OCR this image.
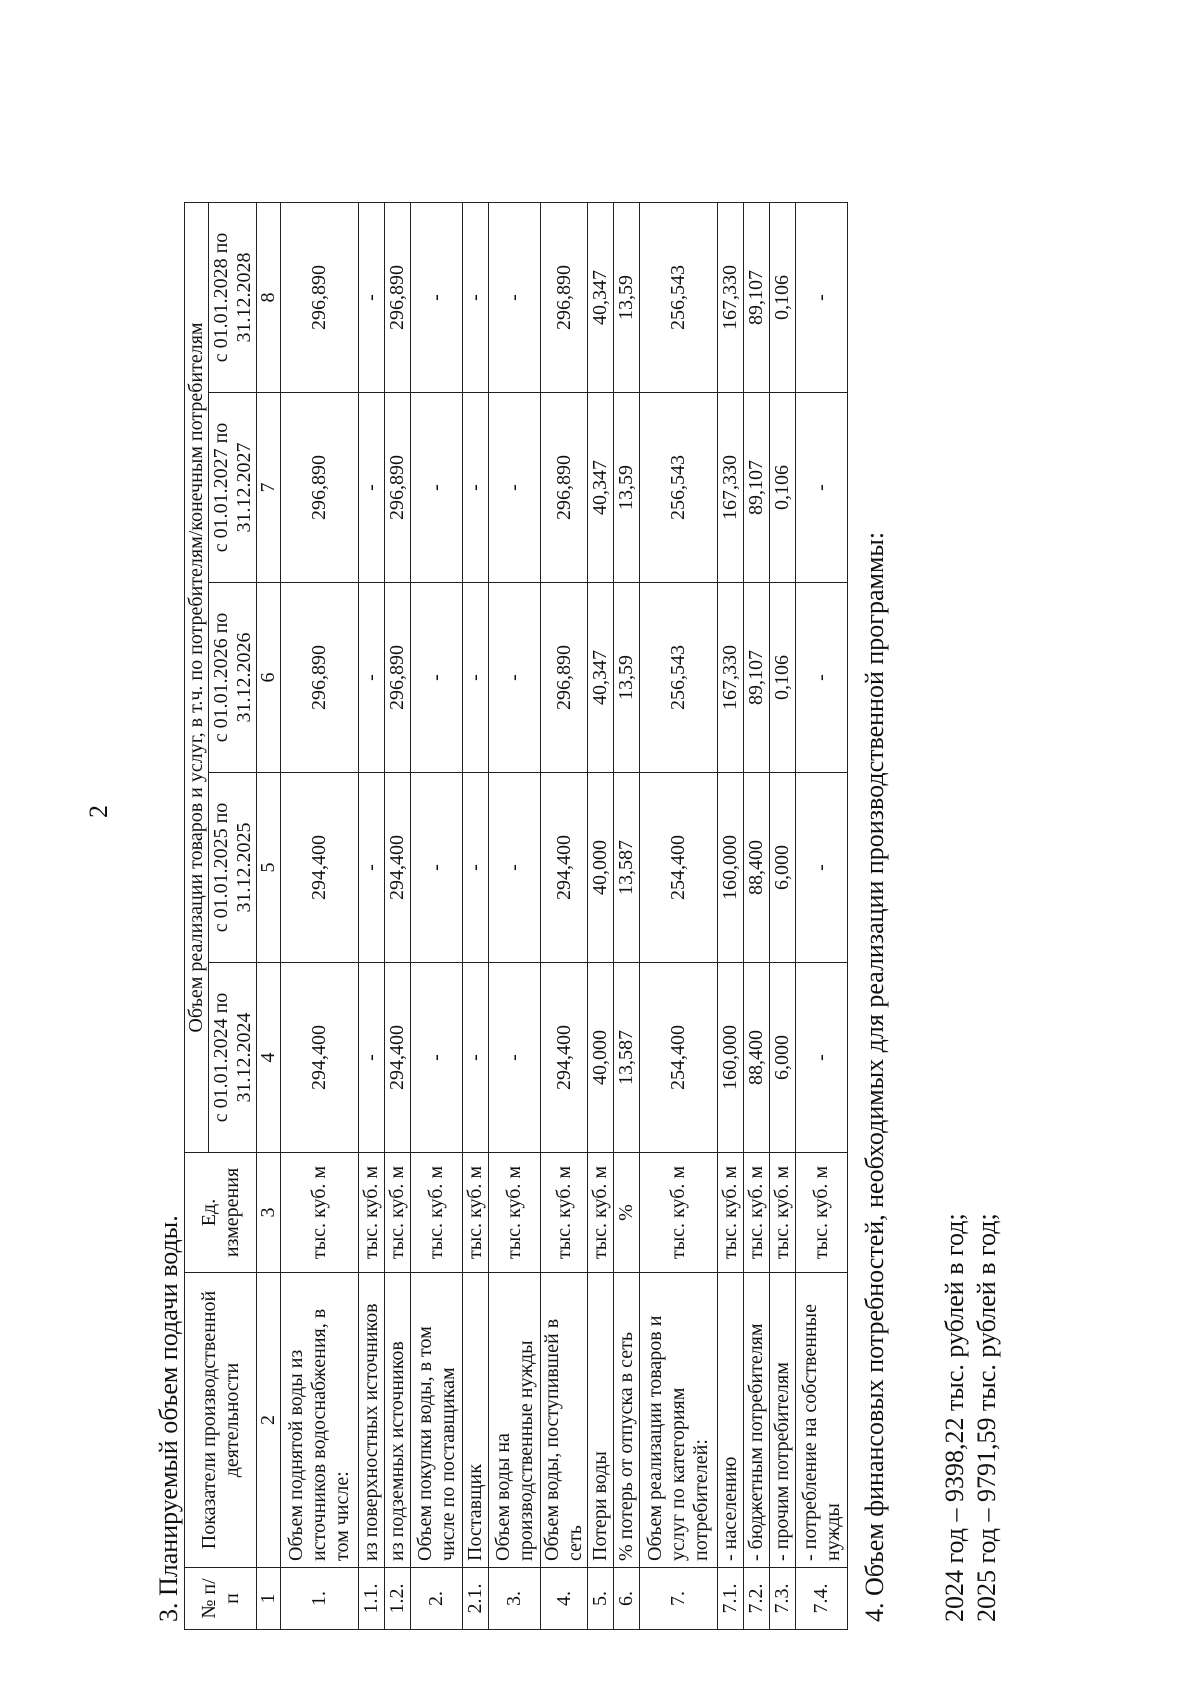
2
3. Планируемый объем подачи воды. № п/п	Показатели производственной деятельности	Ед. измерения	Объем реализации товаров и услуг, в т.ч. по потребителям/конечным потребителям				
			с 01.01.2024 по 31.12.2024	с 01.01.2025 по 31.12.2025	с 01.01.2026 по 31.12.2026	с 01.01.2027 по 31.12.2027	с 01.01.2028 по 31.12.2028
1	2	3	4	5	6	7	8
1.	Объем поднятой воды из источников водоснабжения, в том числе:	тыс. куб. м	294,400	294,400	296,890	296,890	296,890
1.1.	из поверхностных источников	тыс. куб. м	-	-	-	-	-
1.2.	из подземных источников	тыс. куб. м	294,400	294,400	296,890	296,890	296,890
2.	Объем покупки воды, в том числе по поставщикам	тыс. куб. м	-	-	-	-	-
2.1.	Поставщик	тыс. куб. м	-	-	-	-	-
3.	Объем воды на производственные нужды	тыс. куб. м	-	-	-	-	-
4.	Объем воды, поступившей в сеть	тыс. куб. м	294,400	294,400	296,890	296,890	296,890
5.	Потери воды	тыс. куб. м	40,000	40,000	40,347	40,347	40,347
6.	% потерь от отпуска в сеть	%	13,587	13,587	13,59	13,59	13,59
7.	Объем реализации товаров и услуг по категориям потребителей:	тыс. куб. м	254,400	254,400	256,543	256,543	256,543
7.1.	- населению	тыс. куб. м	160,000	160,000	167,330	167,330	167,330
7.2.	- бюджетным потребителям	тыс. куб. м	88,400	88,400	89,107	89,107	89,107
7.3.	- прочим потребителям	тыс. куб. м	6,000	6,000	0,106	0,106	0,106
7.4.	- потребление на собственные нужды	тыс. куб. м	-	-	-	-	-
4. Объем финансовых потребностей, необходимых для реализации производственной программы: 2024 год – 9398,22 тыс. рублей в год; 2025 год – 9791,59 тыс. рублей в год;
